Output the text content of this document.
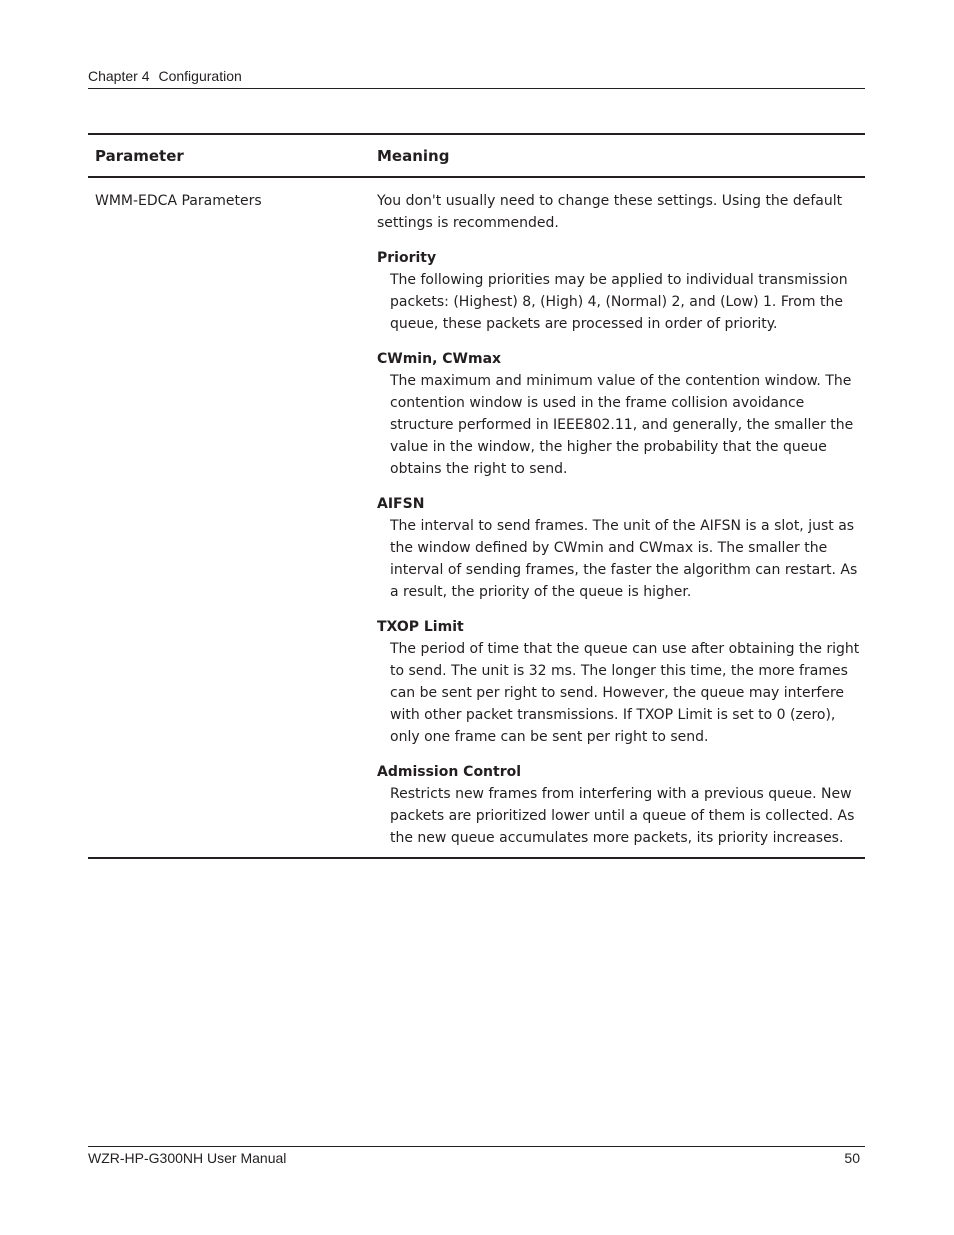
Chapter 4 Configuration
Parameter	Meaning
WMM-EDCA Parameters	You don't usually need to change these settings. Using the default settings is recommended.

Priority
The following priorities may be applied to individual transmission packets: (Highest) 8, (High) 4, (Normal) 2, and (Low) 1. From the queue, these packets are processed in order of priority.
CWmin, CWmax
The maximum and minimum value of the contention window. The contention window is used in the frame collision avoidance structure performed in IEEE802.11, and generally, the smaller the value in the window, the higher the probability that the queue obtains the right to send.
AIFSN
The interval to send frames. The unit of the AIFSN is a slot, just as the window defined by CWmin and CWmax is. The smaller the interval of sending frames, the faster the algorithm can restart. As a result, the priority of the queue is higher.
TXOP Limit
The period of time that the queue can use after obtaining the right to send. The unit is 32 ms. The longer this time, the more frames can be sent per right to send. However, the queue may interfere with other packet transmissions. If TXOP Limit is set to 0 (zero), only one frame can be sent per right to send.
Admission Control
Restricts new frames from interfering with a previous queue. New packets are prioritized lower until a queue of them is collected. As the new queue accumulates more packets, its priority increases.
WZR-HP-G300NH User Manual	50
